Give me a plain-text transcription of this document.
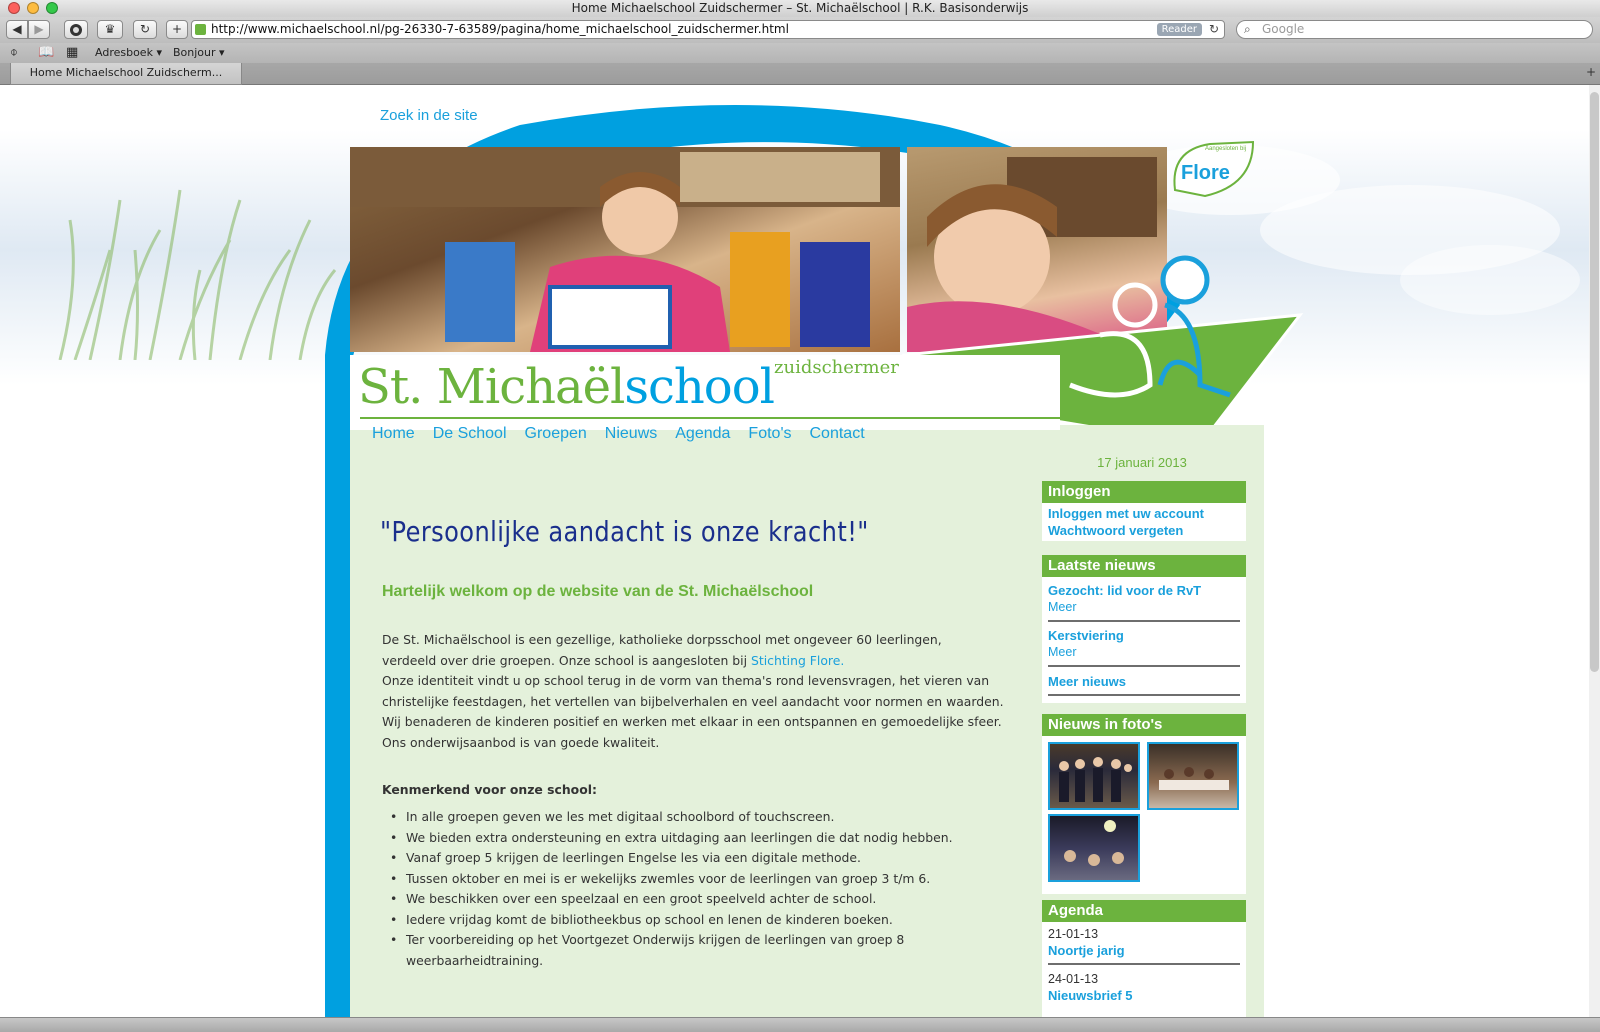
Home Michaelschool Zuidschermer – St. Michaëlschool | R.K. Basisonderwijs
◀	▶	♛	↻	+	http://www.michaelschool.nl/pg-26330-7-63589/pagina/home_michaelschool_zuidschermer.html	Reader ↻ ⌕ Google
⌽ 📖 ▦ Adresboek ▾ Bonjour ▾
Home Michaelschool Zuidscherm...	+
Zoek in de site
Aangesloten bij
Flore
St. Michaëlschool zuidschermer
Home De School Groepen Nieuws Agenda Foto's Contact
"Persoonlijke aandacht is onze kracht!"
Hartelijk welkom op de website van de St. Michaëlschool
De St. Michaëlschool is een gezellige, katholieke dorpsschool met ongeveer 60 leerlingen,
verdeeld over drie groepen. Onze school is aangesloten bij Stichting Flore.
Onze identiteit vindt u op school terug in de vorm van thema's rond levensvragen, het vieren van christelijke feestdagen, het vertellen van bijbelverhalen en veel aandacht voor normen en waarden. Wij benaderen de kinderen positief en werken met elkaar in een ontspannen en gemoedelijke sfeer. Ons onderwijsaanbod is van goede kwaliteit.
Kenmerkend voor onze school:
• In alle groepen geven we les met digitaal schoolbord of touchscreen.
• We bieden extra ondersteuning en extra uitdaging aan leerlingen die dat nodig hebben.
• Vanaf groep 5 krijgen de leerlingen Engelse les via een digitale methode.
• Tussen oktober en mei is er wekelijks zwemles voor de leerlingen van groep 3 t/m 6.
• We beschikken over een speelzaal en een groot speelveld achter de school.
• Iedere vrijdag komt de bibliotheekbus op school en lenen de kinderen boeken.
• Ter voorbereiding op het Voortgezet Onderwijs krijgen de leerlingen van groep 8 weerbaarheidtraining.
17 januari 2013
Inloggen
Inloggen met uw account
Wachtwoord vergeten
Laatste nieuws
Gezocht: lid voor de RvT
Meer
Kerstviering
Meer
Meer nieuws
Nieuws in foto's
Agenda
21-01-13
Noortje jarig
24-01-13
Nieuwsbrief 5
